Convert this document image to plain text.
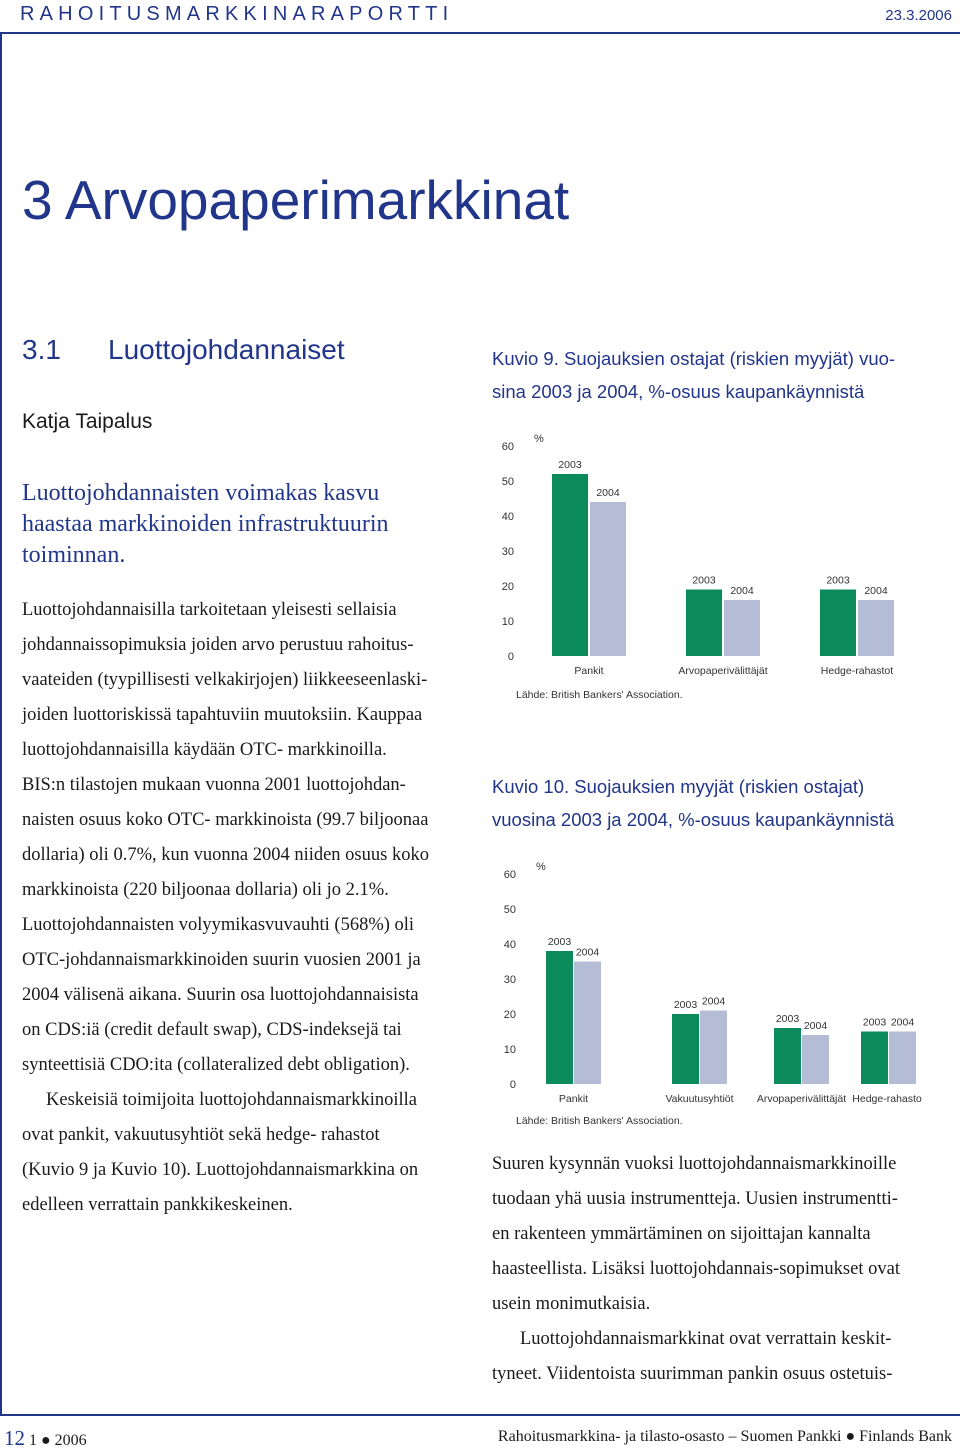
RAHOITUSMARKKINARAPORTTI	23.3.2006
3 Arvopaperimarkkinat
3.1 Luottojohdannaiset
Katja Taipalus
Luottojohdannaisten voimakas kasvu
haastaa markkinoiden infrastruktuurin
toiminnan.
Luottojohdannaisilla tarkoitetaan yleisesti sellaisia
johdannaissopimuksia joiden arvo perustuu rahoitus-
vaateiden (tyypillisesti velkakirjojen) liikkeeseenlaski-
joiden luottoriskissä tapahtuviin muutoksiin. Kauppaa
luottojohdannaisilla käydään OTC- markkinoilla.
BIS:n tilastojen mukaan vuonna 2001 luottojohdan-
naisten osuus koko OTC- markkinoista (99.7 biljoonaa
dollaria) oli 0.7%, kun vuonna 2004 niiden osuus koko
markkinoista (220 biljoonaa dollaria) oli jo 2.1%.
Luottojohdannaisten volyymikasvuvauhti (568%) oli
OTC-johdannaismarkkinoiden suurin vuosien 2001 ja
2004 välisenä aikana. Suurin osa luottojohdannaisista
on CDS:iä (credit default swap), CDS-indeksejä tai
synteettisiä CDO:ita (collateralized debt obligation).
Keskeisiä toimijoita luottojohdannaismarkkinoilla
ovat pankit, vakuutusyhtiöt sekä hedge- rahastot
(Kuvio 9 ja Kuvio 10). Luottojohdannaismarkkina on
edelleen verrattain pankkikeskeinen.
Kuvio 9. Suojauksien ostajat (riskien myyjät) vuo-
sina 2003 ja 2004, %-osuus kaupankäynnistä
0
10
20
30
40
50
60
%
2003
2004
Pankit
2003
2004
Arvopaperivälittäjät
2003
2004
Hedge-rahastot
Lähde: British Bankers' Association.
Kuvio 10. Suojauksien myyjät (riskien ostajat)
vuosina 2003 ja 2004, %-osuus kaupankäynnistä
0
10
20
30
40
50
60
%
2003
2004
Pankit
2003 2004
Vakuutusyhtiöt
2003
2004
Arvopaperivälittäjät
2003 2004
Hedge-rahastot
Lähde: British Bankers' Association.
Suuren kysynnän vuoksi luottojohdannaismarkkinoille
tuodaan yhä uusia instrumentteja. Uusien instrumentti-
en rakenteen ymmärtäminen on sijoittajan kannalta
haasteellista. Lisäksi luottojohdannais-sopimukset ovat
usein monimutkaisia.
Luottojohdannaismarkkinat ovat verrattain keskit-
tyneet. Viidentoista suurimman pankin osuus ostetuis-
12 1 ● 2006	Rahoitusmarkkina- ja tilasto-osasto – Suomen Pankki ● Finlands Bank
